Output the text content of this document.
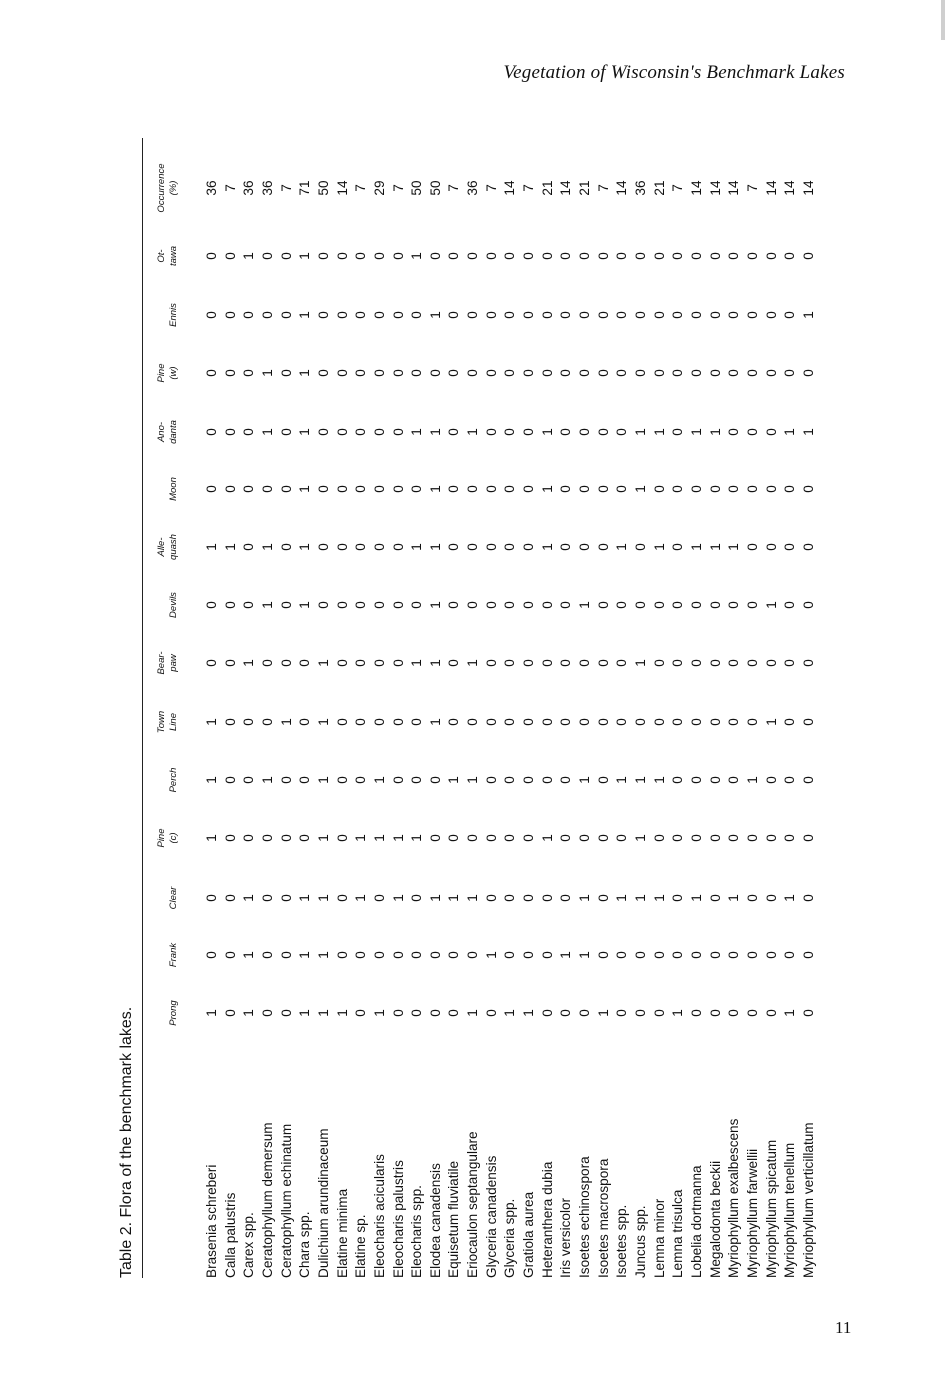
Vegetation of Wisconsin's Benchmark Lakes
11
Table 2. Flora of the benchmark lakes.
	Prong

Frank

Clear
Pine (c)

Perch
Town Line
Bear- paw

Devils
Alle- quash

Moon
Ano- danta
Pine (w)

Ennis
Ot- tawa
Occurrence (%)
Brasenia schreberi
1
0
0
1
1
1
0
0
1
0
0
0
0
0
36
Calla palustris
0
0
0
0
0
0
0
0
1
0
0
0
0
0
7
Carex spp.
1
1
1
0
0
0
1
0
0
0
0
0
0
1
36
Ceratophyllum demersum
0
0
0
0
1
0
0
1
1
0
1
1
0
0
36
Ceratophyllum echinatum
0
0
0
0
0
1
0
0
0
0
0
0
0
0
7
Chara spp.
1
1
1
0
0
0
0
1
1
1
1
1
1
1
71
Dulichium arundinaceum
1
1
1
1
1
1
1
0
0
0
0
0
0
0
50
Elatine minima
1
0
0
0
0
0
0
0
0
0
0
0
0
0
14
Elatine sp.
0
0
1
1
0
0
0
0
0
0
0
0
0
0
7
Eleocharis acicularis
1
0
0
1
1
0
0
0
0
0
0
0
0
0
29
Eleocharis palustris
0
0
1
1
0
0
0
0
0
0
0
0
0
0
7
Eleocharis spp.
0
0
0
1
0
0
1
0
1
0
1
0
0
1
50
Elodea canadensis
0
0
1
0
0
1
1
1
1
1
1
0
1
0
50
Equisetum fluviatile
0
0
1
0
1
0
0
0
0
0
0
0
0
0
7
Eriocaulon septangulare
1
0
1
0
1
0
1
0
0
0
1
0
0
0
36
Glyceria canadensis
0
1
0
0
0
0
0
0
0
0
0
0
0
0
7
Glyceria spp.
1
0
0
0
0
0
0
0
0
0
0
0
0
0
14
Gratiola aurea
1
0
0
0
0
0
0
0
0
0
0
0
0
0
7
Heteranthera dubia
0
0
0
1
0
0
0
0
1
1
1
0
0
0
21
Iris versicolor
0
1
0
0
0
0
0
0
0
0
0
0
0
0
14
Isoetes echinospora
0
1
1
0
1
0
0
1
0
0
0
0
0
0
21
Isoetes macrospora
1
0
0
0
0
0
0
0
0
0
0
0
0
0
7
Isoetes spp.
0
0
1
0
1
0
0
0
1
0
0
0
0
0
14
Juncus spp.
0
0
1
1
1
0
1
0
0
1
1
0
0
0
36
Lemna minor
0
0
1
0
1
0
0
0
1
0
1
0
0
0
21
Lemna trisulca
1
0
0
0
0
0
0
0
0
0
0
0
0
0
7
Lobelia dortmanna
0
0
1
0
0
0
0
0
1
0
1
0
0
0
14
Megalodonta beckii
0
0
0
0
0
0
0
0
1
0
1
0
0
0
14
Myriophyllum exalbescens
0
0
1
0
0
0
0
0
1
0
0
0
0
0
14
Myriophyllum farwellii
0
0
0
0
1
0
0
0
0
0
0
0
0
0
7
Myriophyllum spicatum
0
0
0
0
0
1
0
1
0
0
0
0
0
0
14
Myriophyllum tenellum
1
0
1
0
0
0
0
0
0
0
1
0
0
0
14
Myriophyllum verticillatum
0
0
0
0
0
0
0
0
0
0
1
0
1
0
14
